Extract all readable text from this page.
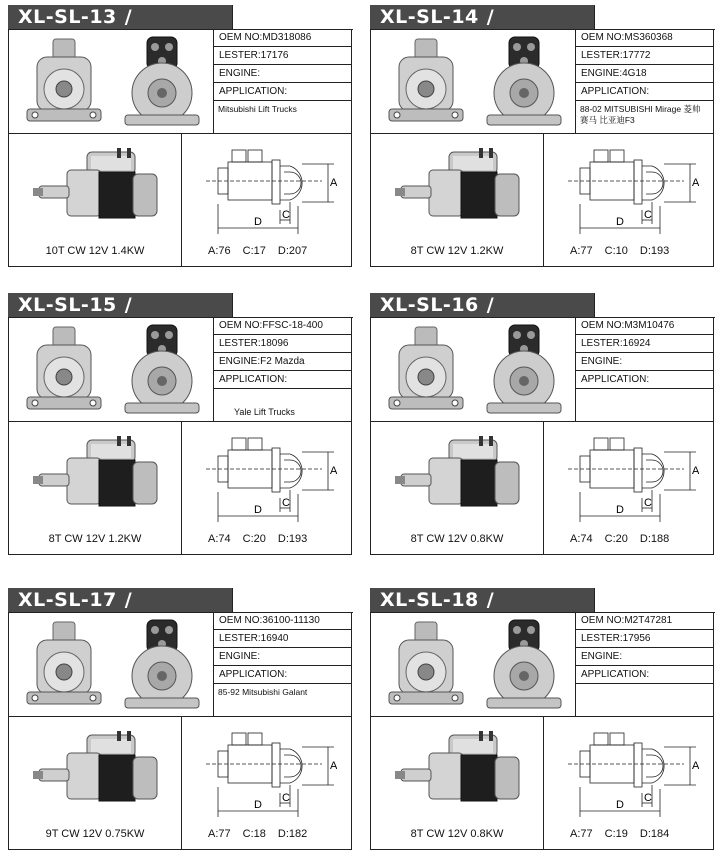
XL-SL-13 /
OEM NO:MD318086
LESTER:17176
ENGINE:
APPLICATION:
Mitsubishi Lift Trucks
10T CW 12V 1.4KW
A
C
D
A:76 C:17 D:207
XL-SL-14 /
OEM NO:MS360368
LESTER:17772
ENGINE:4G18
APPLICATION:
88-02 MITSUBISHI Mirage 菱帅 赛马 比亚迪F3
8T CW 12V 1.2KW
A
C
D
A:77 C:10 D:193
XL-SL-15 /
OEM NO:FFSC-18-400
LESTER:18096
ENGINE:F2 Mazda
APPLICATION:
Yale Lift Trucks
8T CW 12V 1.2KW
A
C
D
A:74 C:20 D:193
XL-SL-16 /
OEM NO:M3M10476
LESTER:16924
ENGINE:
APPLICATION:
8T CW 12V 0.8KW
A
C
D
A:74 C:20 D:188
XL-SL-17 /
OEM NO:36100-11130
LESTER:16940
ENGINE:
APPLICATION:
85-92 Mitsubishi Galant
9T CW 12V 0.75KW
A
C
D
A:77 C:18 D:182
XL-SL-18 /
OEM NO:M2T47281
LESTER:17956
ENGINE:
APPLICATION:
8T CW 12V 0.8KW
A
C
D
A:77 C:19 D:184
